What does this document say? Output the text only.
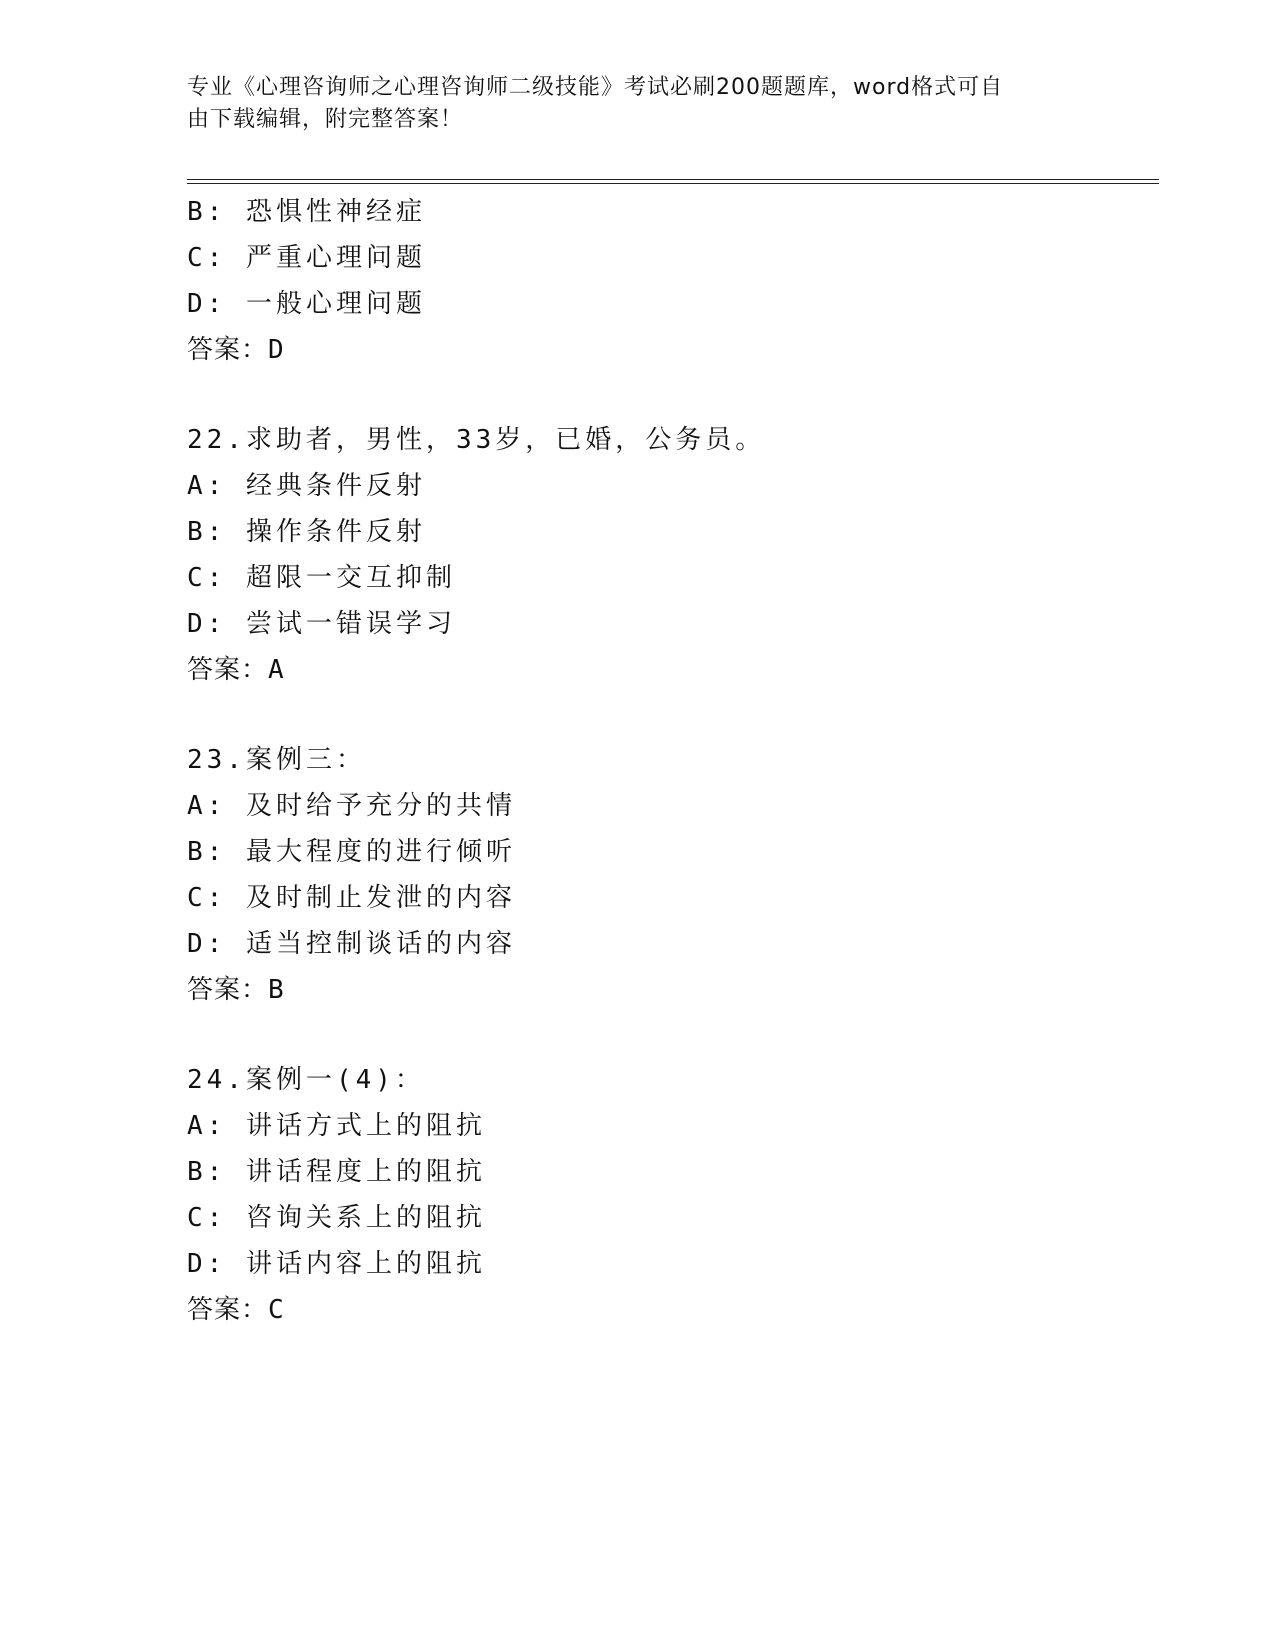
专业《心理咨询师之心理咨询师二级技能》考试必刷200题题库，word格式可自
由下载编辑，附完整答案！
B: 恐惧性神经症
C: 严重心理问题
D: 一般心理问题
答案：D
22.求助者，男性，33岁，已婚，公务员。
A: 经典条件反射
B: 操作条件反射
C: 超限一交互抑制
D: 尝试一错误学习
答案：A
23.案例三：
A: 及时给予充分的共情
B: 最大程度的进行倾听
C: 及时制止发泄的内容
D: 适当控制谈话的内容
答案：B
24.案例一(4)：
A: 讲话方式上的阻抗
B: 讲话程度上的阻抗
C: 咨询关系上的阻抗
D: 讲话内容上的阻抗
答案：C
